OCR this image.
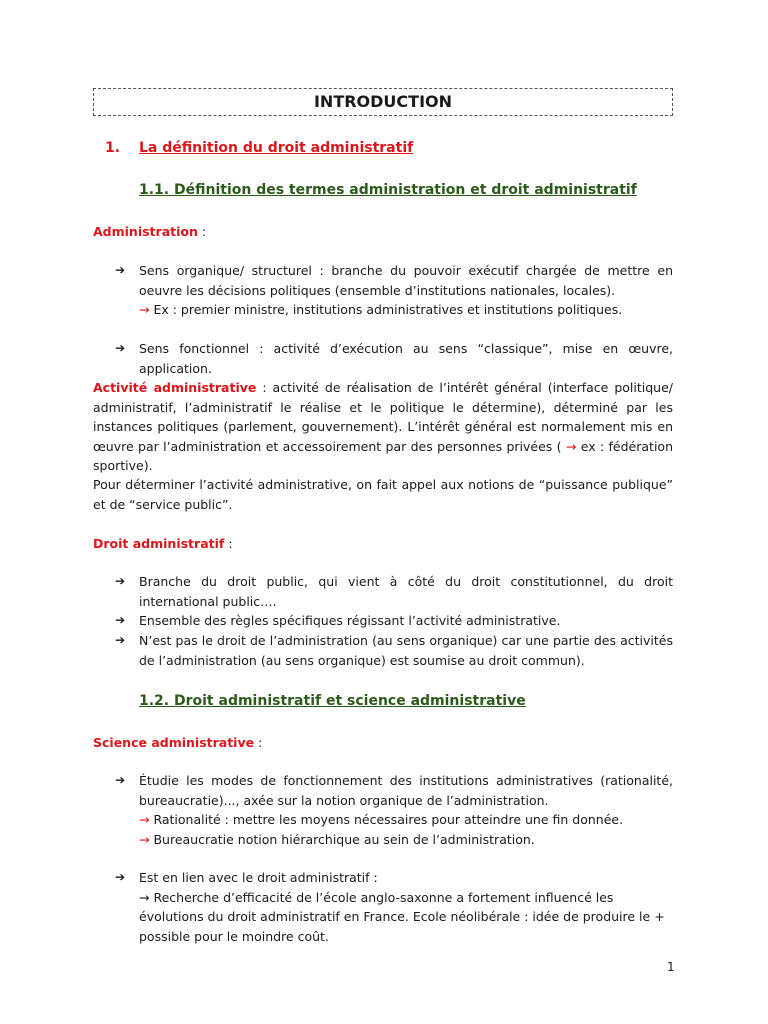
INTRODUCTION
1. La définition du droit administratif
1.1. Définition des termes administration et droit administratif
Administration :
➔	Sens organique/ structurel : branche du pouvoir exécutif chargée de mettre en oeuvre les décisions politiques (ensemble d’institutions nationales, locales).
→ Ex : premier ministre, institutions administratives et institutions politiques.
➔	Sens fonctionnel : activité d’exécution au sens “classique”, mise en œuvre, application.
Activité administrative : activité de réalisation de l’intérêt général (interface politique/ administratif, l’administratif le réalise et le politique le détermine), déterminé par les instances politiques (parlement, gouvernement). L’intérêt général est normalement mis en œuvre par l’administration et accessoirement par des personnes privées ( → ex : fédération sportive).
Pour déterminer l’activité administrative, on fait appel aux notions de “puissance publique” et de “service public”.
Droit administratif :
➔	Branche du droit public, qui vient à côté du droit constitutionnel, du droit international public….
➔	Ensemble des règles spécifiques régissant l’activité administrative.
➔	N’est pas le droit de l’administration (au sens organique) car une partie des activités de l’administration (au sens organique) est soumise au droit commun).
1.2. Droit administratif et science administrative
Science administrative :
➔	Étudie les modes de fonctionnement des institutions administratives (rationalité, bureaucratie)..., axée sur la notion organique de l’administration.
→ Rationalité : mettre les moyens nécessaires pour atteindre une fin donnée.
→ Bureaucratie notion hiérarchique au sein de l’administration.
➔	Est en lien avec le droit administratif :
→ Recherche d’efficacité de l’école anglo-saxonne a fortement influencé les évolutions du droit administratif en France. Ecole néolibérale : idée de produire le + possible pour le moindre coût.
1
